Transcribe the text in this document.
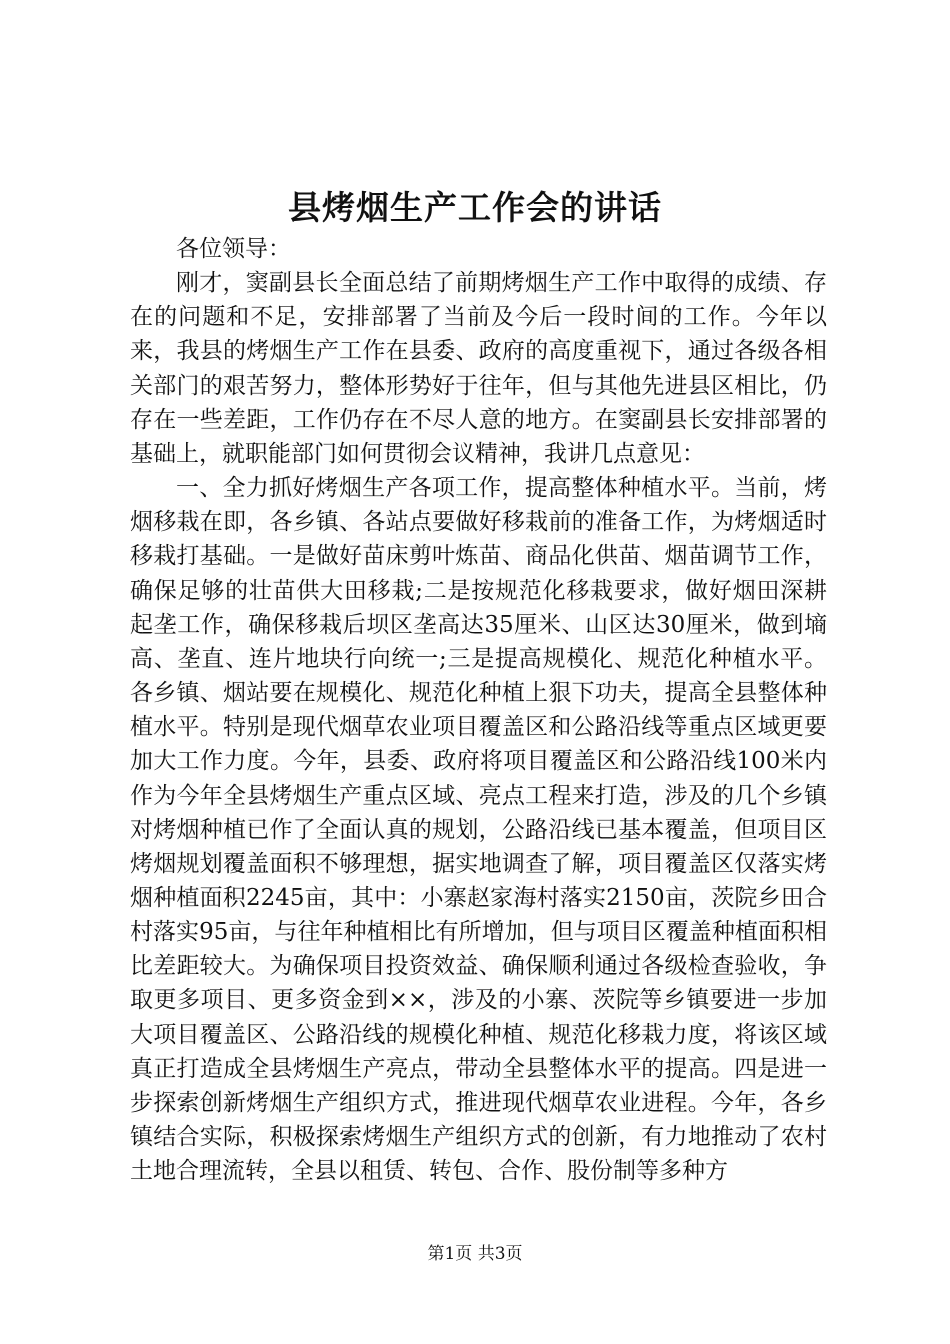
县烤烟生产工作会的讲话

各位领导：

刚才，窦副县长全面总结了前期烤烟生产工作中取得的成绩、存在的问题和不足，安排部署了当前及今后一段时间的工作。今年以来，我县的烤烟生产工作在县委、政府的高度重视下，通过各级各相关部门的艰苦努力，整体形势好于往年，但与其他先进县区相比，仍存在一些差距，工作仍存在不尽人意的地方。在窦副县长安排部署的基础上，就职能部门如何贯彻会议精神，我讲几点意见：

一、全力抓好烤烟生产各项工作，提高整体种植水平。当前，烤烟移栽在即，各乡镇、各站点要做好移栽前的准备工作，为烤烟适时移栽打基础。一是做好苗床剪叶炼苗、商品化供苗、烟苗调节工作，确保足够的壮苗供大田移栽;二是按规范化移栽要求，做好烟田深耕起垄工作，确保移栽后坝区垄高达35厘米、山区达30厘米，做到墒高、垄直、连片地块行向统一;三是提高规模化、规范化种植水平。各乡镇、烟站要在规模化、规范化种植上狠下功夫，提高全县整体种植水平。特别是现代烟草农业项目覆盖区和公路沿线等重点区域更要加大工作力度。今年，县委、政府将项目覆盖区和公路沿线100米内作为今年全县烤烟生产重点区域、亮点工程来打造，涉及的几个乡镇对烤烟种植已作了全面认真的规划，公路沿线已基本覆盖，但项目区烤烟规划覆盖面积不够理想，据实地调查了解，项目覆盖区仅落实烤烟种植面积2245亩，其中：小寨赵家海村落实2150亩，茨院乡田合村落实95亩，与往年种植相比有所增加，但与项目区覆盖种植面积相比差距较大。为确保项目投资效益、确保顺利通过各级检查验收，争取更多项目、更多资金到××，涉及的小寨、茨院等乡镇要进一步加大项目覆盖区、公路沿线的规模化种植、规范化移栽力度，将该区域真正打造成全县烤烟生产亮点，带动全县整体水平的提高。四是进一步探索创新烤烟生产组织方式，推进现代烟草农业进程。今年，各乡镇结合实际，积极探索烤烟生产组织方式的创新，有力地推动了农村土地合理流转，全县以租赁、转包、合作、股份制等多种方

第1页 共3页
